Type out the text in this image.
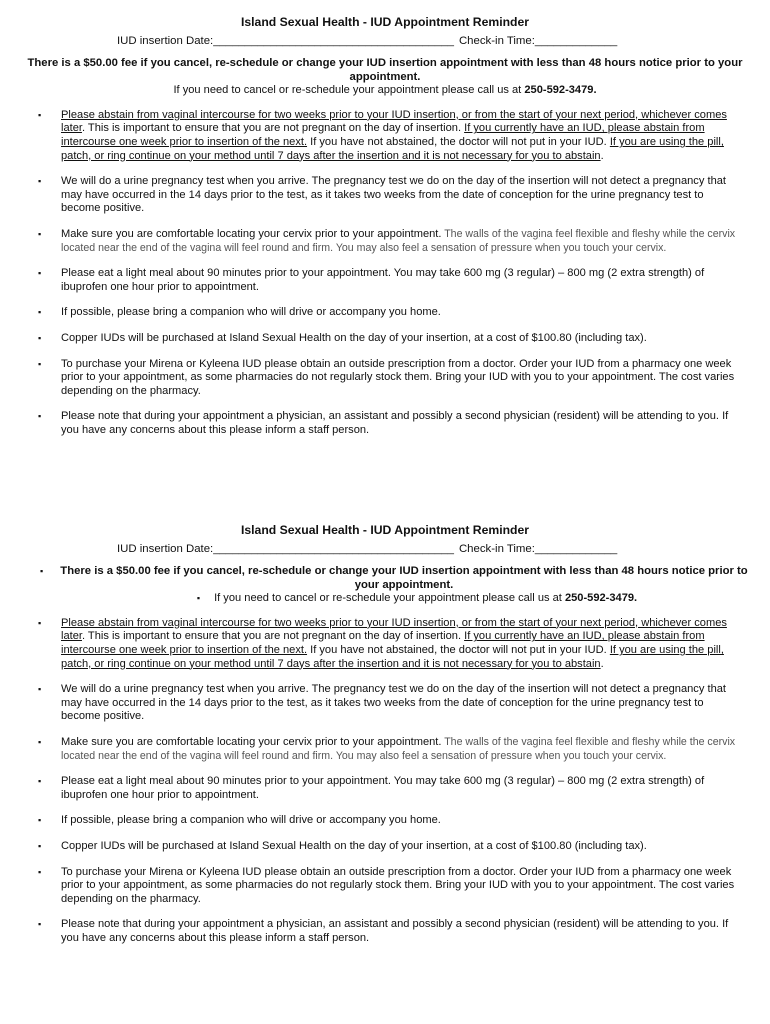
Island Sexual Health - IUD Appointment Reminder
IUD insertion Date:______________________________________ Check-in Time:_____________
There is a $50.00 fee if you cancel, re-schedule or change your IUD insertion appointment with less than 48 hours notice prior to your appointment.
If you need to cancel or re-schedule your appointment please call us at 250-592-3479.
▪ Please abstain from vaginal intercourse for two weeks prior to your IUD insertion, or from the start of your next period, whichever comes later. This is important to ensure that you are not pregnant on the day of insertion. If you currently have an IUD, please abstain from intercourse one week prior to insertion of the next. If you have not abstained, the doctor will not put in your IUD. If you are using the pill, patch, or ring continue on your method until 7 days after the insertion and it is not necessary for you to abstain.
▪ We will do a urine pregnancy test when you arrive. The pregnancy test we do on the day of the insertion will not detect a pregnancy that may have occurred in the 14 days prior to the test, as it takes two weeks from the date of conception for the urine pregnancy test to become positive.
▪ Make sure you are comfortable locating your cervix prior to your appointment. The walls of the vagina feel flexible and fleshy while the cervix located near the end of the vagina will feel round and firm. You may also feel a sensation of pressure when you touch your cervix.
▪ Please eat a light meal about 90 minutes prior to your appointment. You may take 600 mg (3 regular) – 800 mg (2 extra strength) of ibuprofen one hour prior to appointment.
▪ If possible, please bring a companion who will drive or accompany you home.
▪ Copper IUDs will be purchased at Island Sexual Health on the day of your insertion, at a cost of $100.80 (including tax).
▪ To purchase your Mirena or Kyleena IUD please obtain an outside prescription from a doctor. Order your IUD from a pharmacy one week prior to your appointment, as some pharmacies do not regularly stock them. Bring your IUD with you to your appointment. The cost varies depending on the pharmacy.
▪ Please note that during your appointment a physician, an assistant and possibly a second physician (resident) will be attending to you. If you have any concerns about this please inform a staff person.
Island Sexual Health - IUD Appointment Reminder
IUD insertion Date:______________________________________ Check-in Time:_____________
▪ There is a $50.00 fee if you cancel, re-schedule or change your IUD insertion appointment with less than 48 hours notice prior to your appointment.
▪ If you need to cancel or re-schedule your appointment please call us at 250-592-3479.
▪ Please abstain from vaginal intercourse for two weeks prior to your IUD insertion, or from the start of your next period, whichever comes later. This is important to ensure that you are not pregnant on the day of insertion. If you currently have an IUD, please abstain from intercourse one week prior to insertion of the next. If you have not abstained, the doctor will not put in your IUD. If you are using the pill, patch, or ring continue on your method until 7 days after the insertion and it is not necessary for you to abstain.
▪ We will do a urine pregnancy test when you arrive. The pregnancy test we do on the day of the insertion will not detect a pregnancy that may have occurred in the 14 days prior to the test, as it takes two weeks from the date of conception for the urine pregnancy test to become positive.
▪ Make sure you are comfortable locating your cervix prior to your appointment. The walls of the vagina feel flexible and fleshy while the cervix located near the end of the vagina will feel round and firm. You may also feel a sensation of pressure when you touch your cervix.
▪ Please eat a light meal about 90 minutes prior to your appointment. You may take 600 mg (3 regular) – 800 mg (2 extra strength) of ibuprofen one hour prior to appointment.
▪ If possible, please bring a companion who will drive or accompany you home.
▪ Copper IUDs will be purchased at Island Sexual Health on the day of your insertion, at a cost of $100.80 (including tax).
▪ To purchase your Mirena or Kyleena IUD please obtain an outside prescription from a doctor. Order your IUD from a pharmacy one week prior to your appointment, as some pharmacies do not regularly stock them. Bring your IUD with you to your appointment. The cost varies depending on the pharmacy.
▪ Please note that during your appointment a physician, an assistant and possibly a second physician (resident) will be attending to you. If you have any concerns about this please inform a staff person.
